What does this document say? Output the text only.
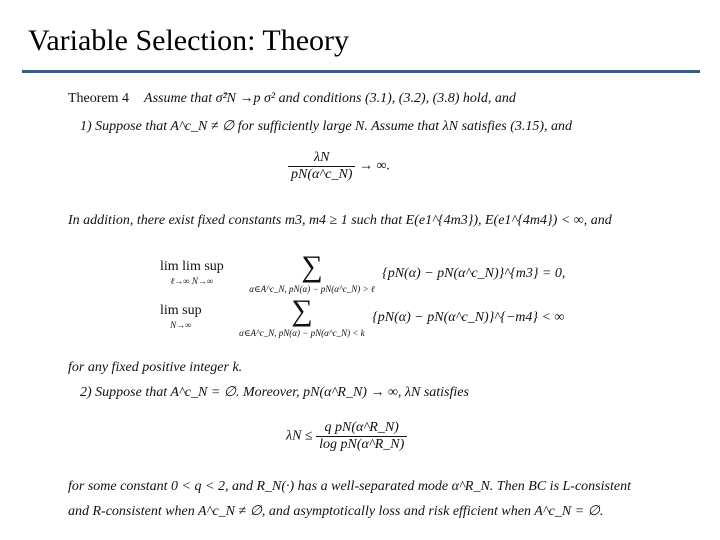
Variable Selection: Theory
Theorem 4 Assume that σ̂²N →p σ² and conditions (3.1), (3.2), (3.8) hold, and
1) Suppose that A^c_N ≠ ∅ for sufficiently large N. Assume that λN satisfies (3.15), and
$\frac{\lambda N}{pN(\alpha\^{}c\_N)}$ → ∞.
In addition, there exist fixed constants m3, m4 ≥ 1 such that E(e1^{4m3}), E(e1^{4m4}) < ∞, and
lim lim sup
ℓ→∞ N→∞	∑
α∈A^c_N, pN(α) − pN(α^c_N) > ℓ {pN(α) − pN(α^c_N)}^{m3} = 0,
lim sup
N→∞	∑
α∈A^c_N, pN(α) − pN(α^c_N) < k {pN(α) − pN(α^c_N)}^{−m4} < ∞
for any fixed positive integer k.
2) Suppose that A^c_N = ∅. Moreover, pN(α^R_N) → ∞, λN satisfies
$\lambda N \le \frac{\text{q pN(α\textasciicircum{}R\_N)}}{\text{log pN(α\textasciicircum{}R\_N)}}$
for some constant 0 < q < 2, and R_N(·) has a well-separated mode α^R_N. Then BC is L-consistent
and R-consistent when A^c_N ≠ ∅, and asymptotically loss and risk efficient when A^c_N = ∅.
